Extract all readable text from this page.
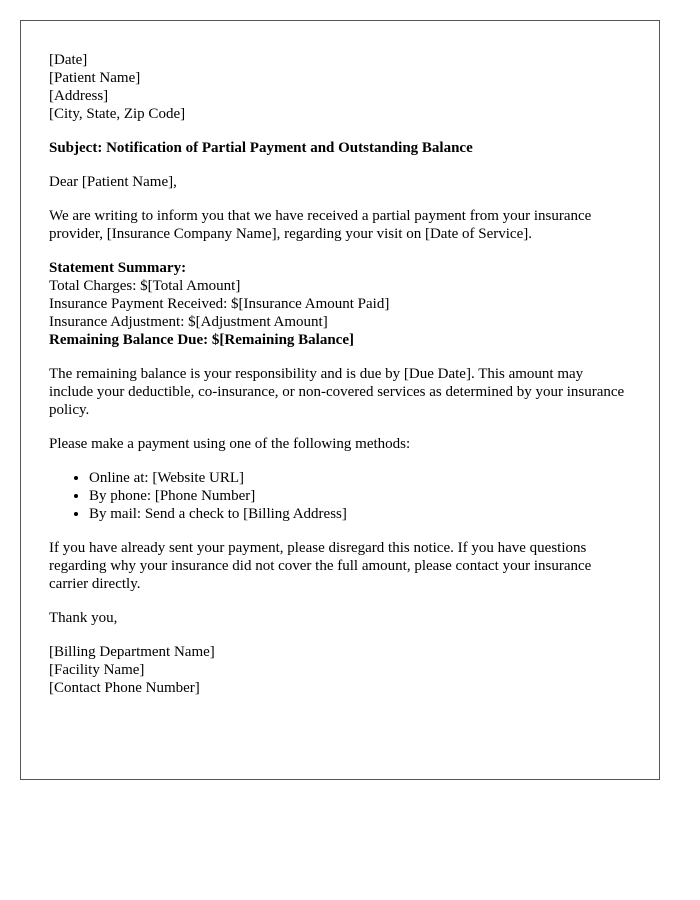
[Date]
[Patient Name]
[Address]
[City, State, Zip Code]

Subject: Notification of Partial Payment and Outstanding Balance

Dear [Patient Name],

We are writing to inform you that we have received a partial payment from your insurance provider, [Insurance Company Name], regarding your visit on [Date of Service].

Statement Summary:
Total Charges: $[Total Amount]
Insurance Payment Received: $[Insurance Amount Paid]
Insurance Adjustment: $[Adjustment Amount]
Remaining Balance Due: $[Remaining Balance]

The remaining balance is your responsibility and is due by [Due Date]. This amount may include your deductible, co-insurance, or non-covered services as determined by your insurance policy.

Please make a payment using one of the following methods:

• Online at: [Website URL]
• By phone: [Phone Number]
• By mail: Send a check to [Billing Address]

If you have already sent your payment, please disregard this notice. If you have questions regarding why your insurance did not cover the full amount, please contact your insurance carrier directly.

Thank you,

[Billing Department Name]
[Facility Name]
[Contact Phone Number]
